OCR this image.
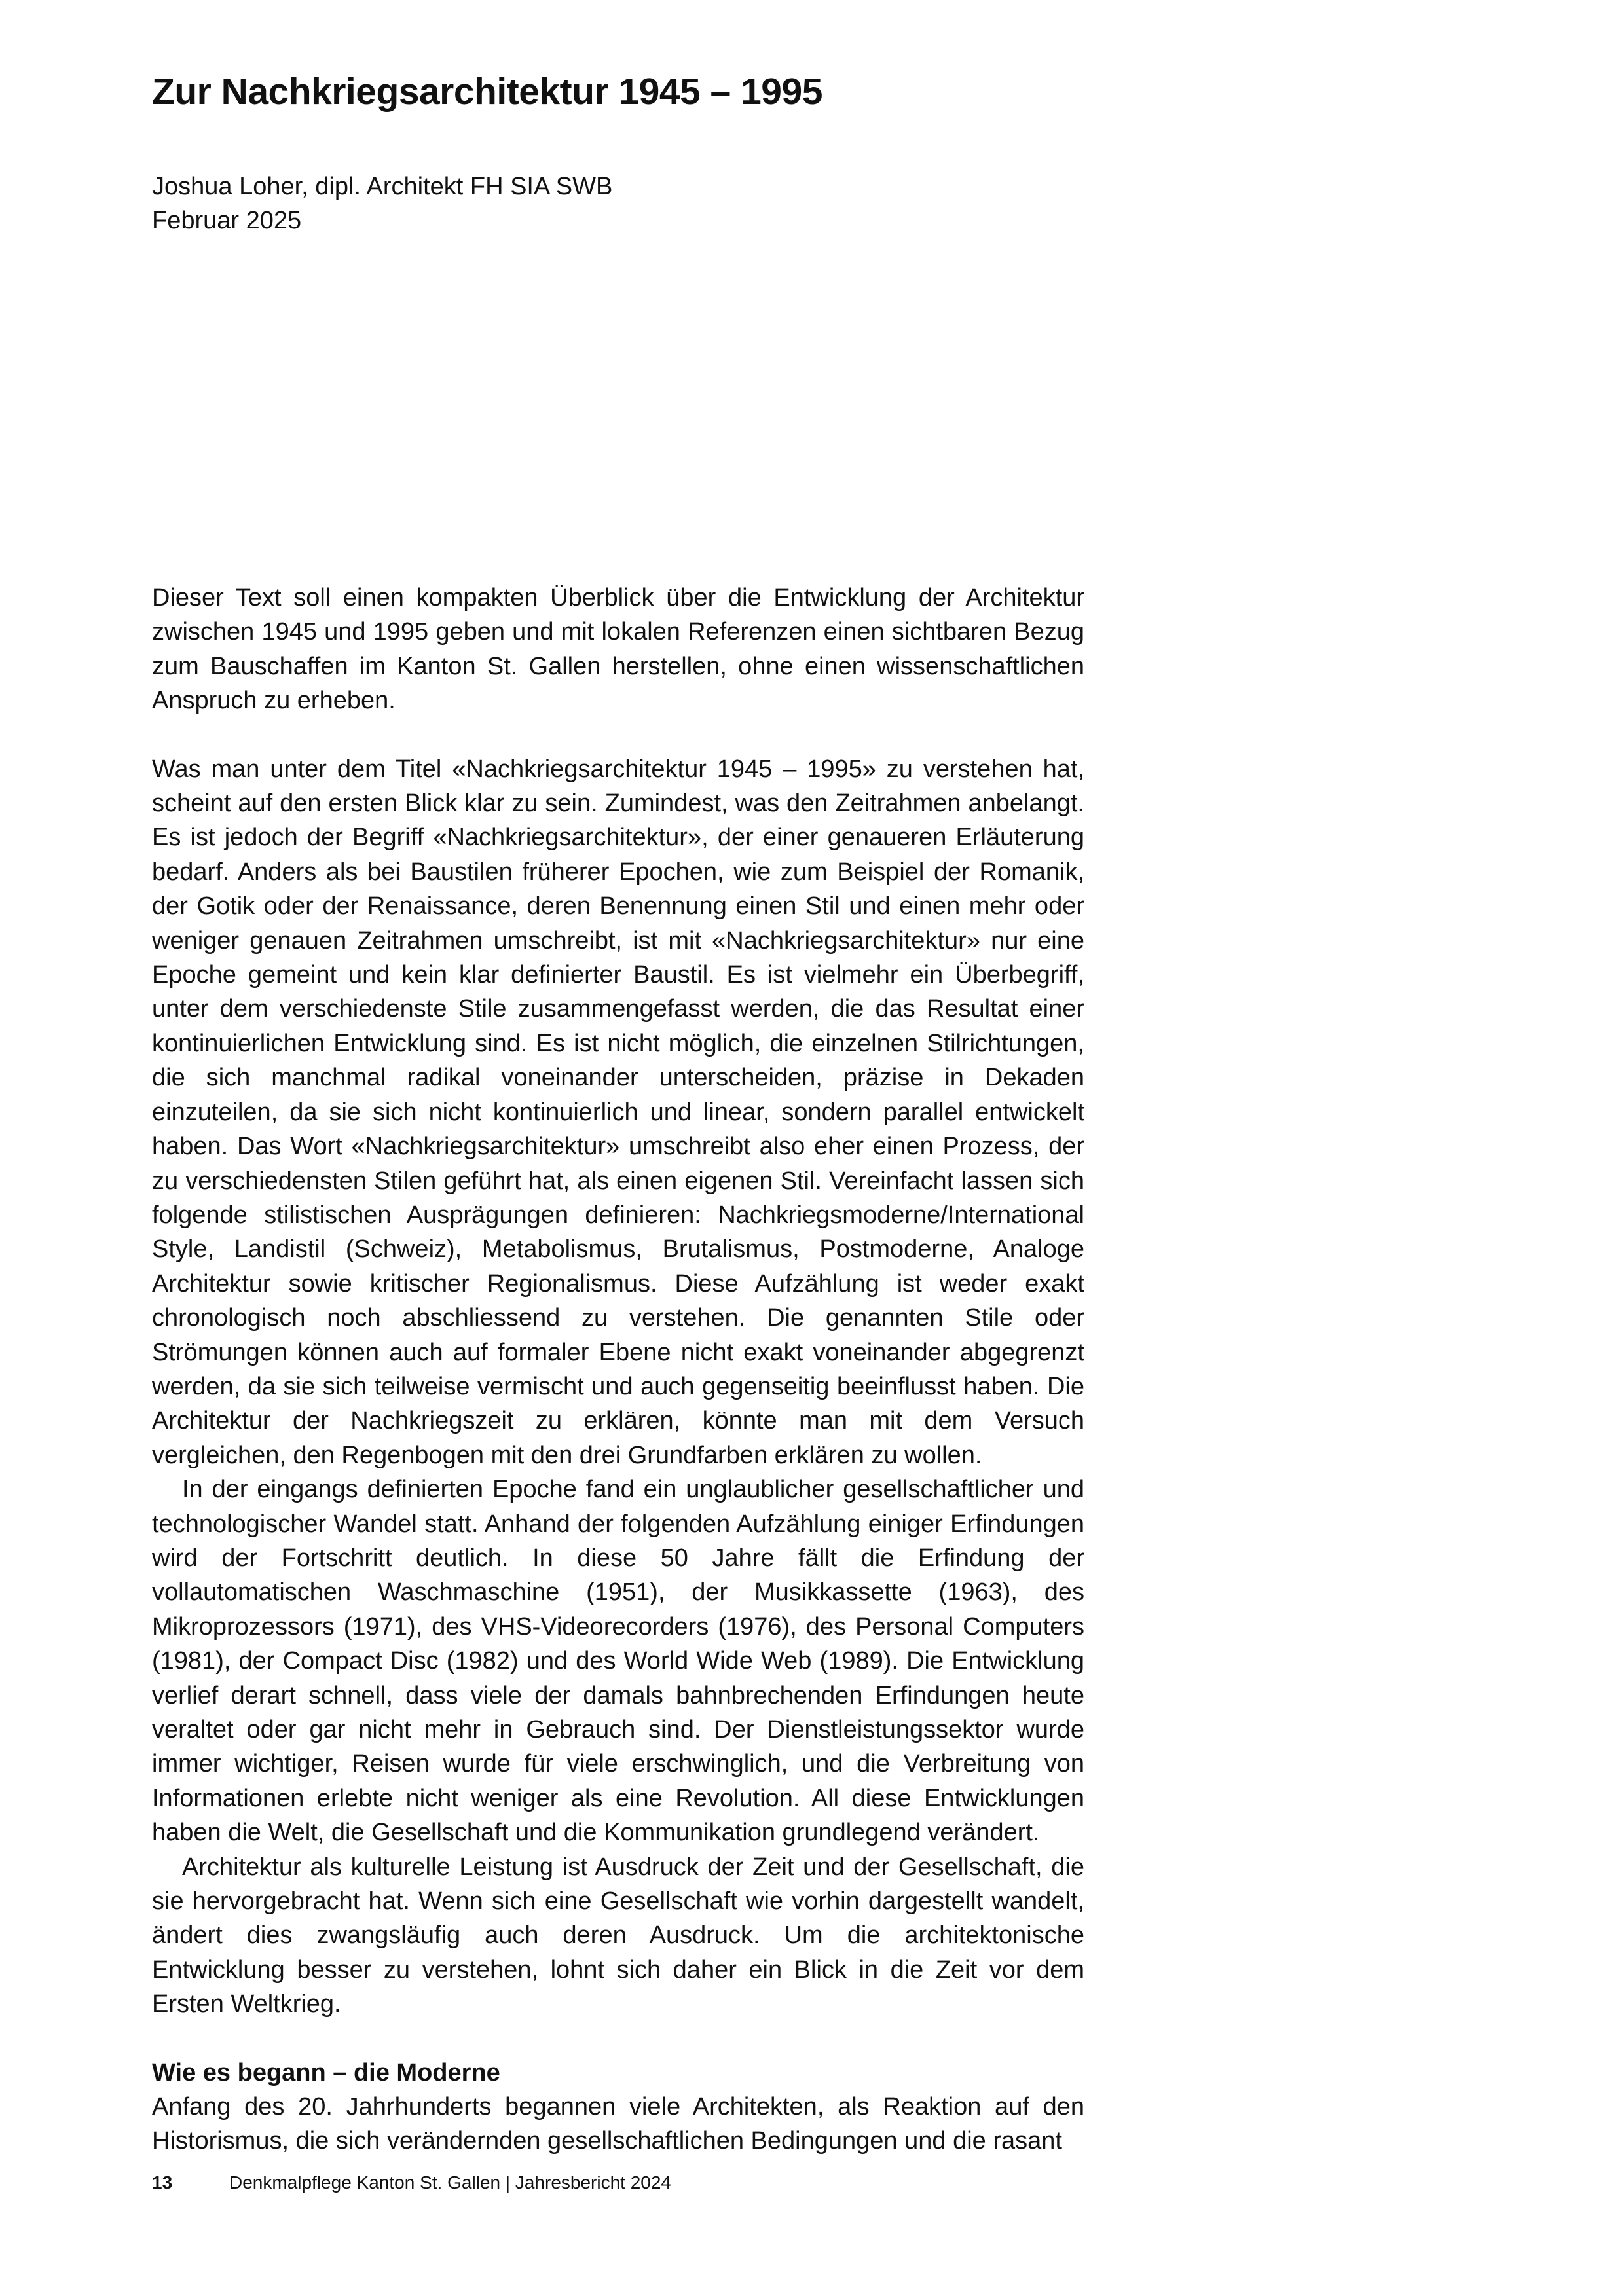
Zur Nachkriegsarchitektur 1945 – 1995
Joshua Loher, dipl. Architekt FH SIA SWB
Februar 2025

Dieser Text soll einen kompakten Überblick über die Entwicklung der Architektur zwischen 1945 und 1995 geben und mit lokalen Referenzen einen sichtbaren Bezug zum Bauschaffen im Kanton St. Gallen herstellen, ohne einen wissenschaftlichen Anspruch zu erheben.

Was man unter dem Titel «Nachkriegsarchitektur 1945 – 1995» zu verstehen hat, scheint auf den ersten Blick klar zu sein. Zumindest, was den Zeitrahmen anbelangt. Es ist jedoch der Begriff «Nachkriegsarchitektur», der einer genaueren Erläuterung bedarf. Anders als bei Baustilen früherer Epochen, wie zum Beispiel der Romanik, der Gotik oder der Renaissance, deren Benennung einen Stil und einen mehr oder weniger genauen Zeitrahmen umschreibt, ist mit «Nachkriegsarchitektur» nur eine Epoche gemeint und kein klar definierter Baustil. Es ist vielmehr ein Überbegriff, unter dem verschiedenste Stile zusammengefasst werden, die das Resultat einer kontinuierlichen Entwicklung sind. Es ist nicht möglich, die einzelnen Stilrichtungen, die sich manchmal radikal voneinander unterscheiden, präzise in Dekaden einzuteilen, da sie sich nicht kontinuierlich und linear, sondern parallel entwickelt haben. Das Wort «Nachkriegsarchitektur» umschreibt also eher einen Prozess, der zu verschiedensten Stilen geführt hat, als einen eigenen Stil. Vereinfacht lassen sich folgende stilistischen Ausprägungen definieren: Nachkriegsmoderne/International Style, Landistil (Schweiz), Metabolismus, Brutalismus, Postmoderne, Analoge Architektur sowie kritischer Regionalismus. Diese Aufzählung ist weder exakt chronologisch noch abschliessend zu verstehen. Die genannten Stile oder Strömungen können auch auf formaler Ebene nicht exakt voneinander abgegrenzt werden, da sie sich teilweise vermischt und auch gegenseitig beeinflusst haben. Die Architektur der Nachkriegszeit zu erklären, könnte man mit dem Versuch vergleichen, den Regenbogen mit den drei Grundfarben erklären zu wollen.

In der eingangs definierten Epoche fand ein unglaublicher gesellschaftlicher und technologischer Wandel statt. Anhand der folgenden Aufzählung einiger Erfindungen wird der Fortschritt deutlich. In diese 50 Jahre fällt die Erfindung der vollautomatischen Waschmaschine (1951), der Musikkassette (1963), des Mikroprozessors (1971), des VHS-Videorecorders (1976), des Personal Computers (1981), der Compact Disc (1982) und des World Wide Web (1989). Die Entwicklung verlief derart schnell, dass viele der damals bahnbrechenden Erfindungen heute veraltet oder gar nicht mehr in Gebrauch sind. Der Dienstleistungssektor wurde immer wichtiger, Reisen wurde für viele erschwinglich, und die Verbreitung von Informationen erlebte nicht weniger als eine Revolution. All diese Entwicklungen haben die Welt, die Gesellschaft und die Kommunikation grundlegend verändert.

Architektur als kulturelle Leistung ist Ausdruck der Zeit und der Gesellschaft, die sie hervorgebracht hat. Wenn sich eine Gesellschaft wie vorhin dargestellt wandelt, ändert dies zwangsläufig auch deren Ausdruck. Um die architektonische Entwicklung besser zu verstehen, lohnt sich daher ein Blick in die Zeit vor dem Ersten Weltkrieg.

Wie es begann – die Moderne

Anfang des 20. Jahrhunderts begannen viele Architekten, als Reaktion auf den Historismus, die sich verändernden gesellschaftlichen Bedingungen und die rasant

13	Denkmalpflege Kanton St. Gallen | Jahresbericht 2024
